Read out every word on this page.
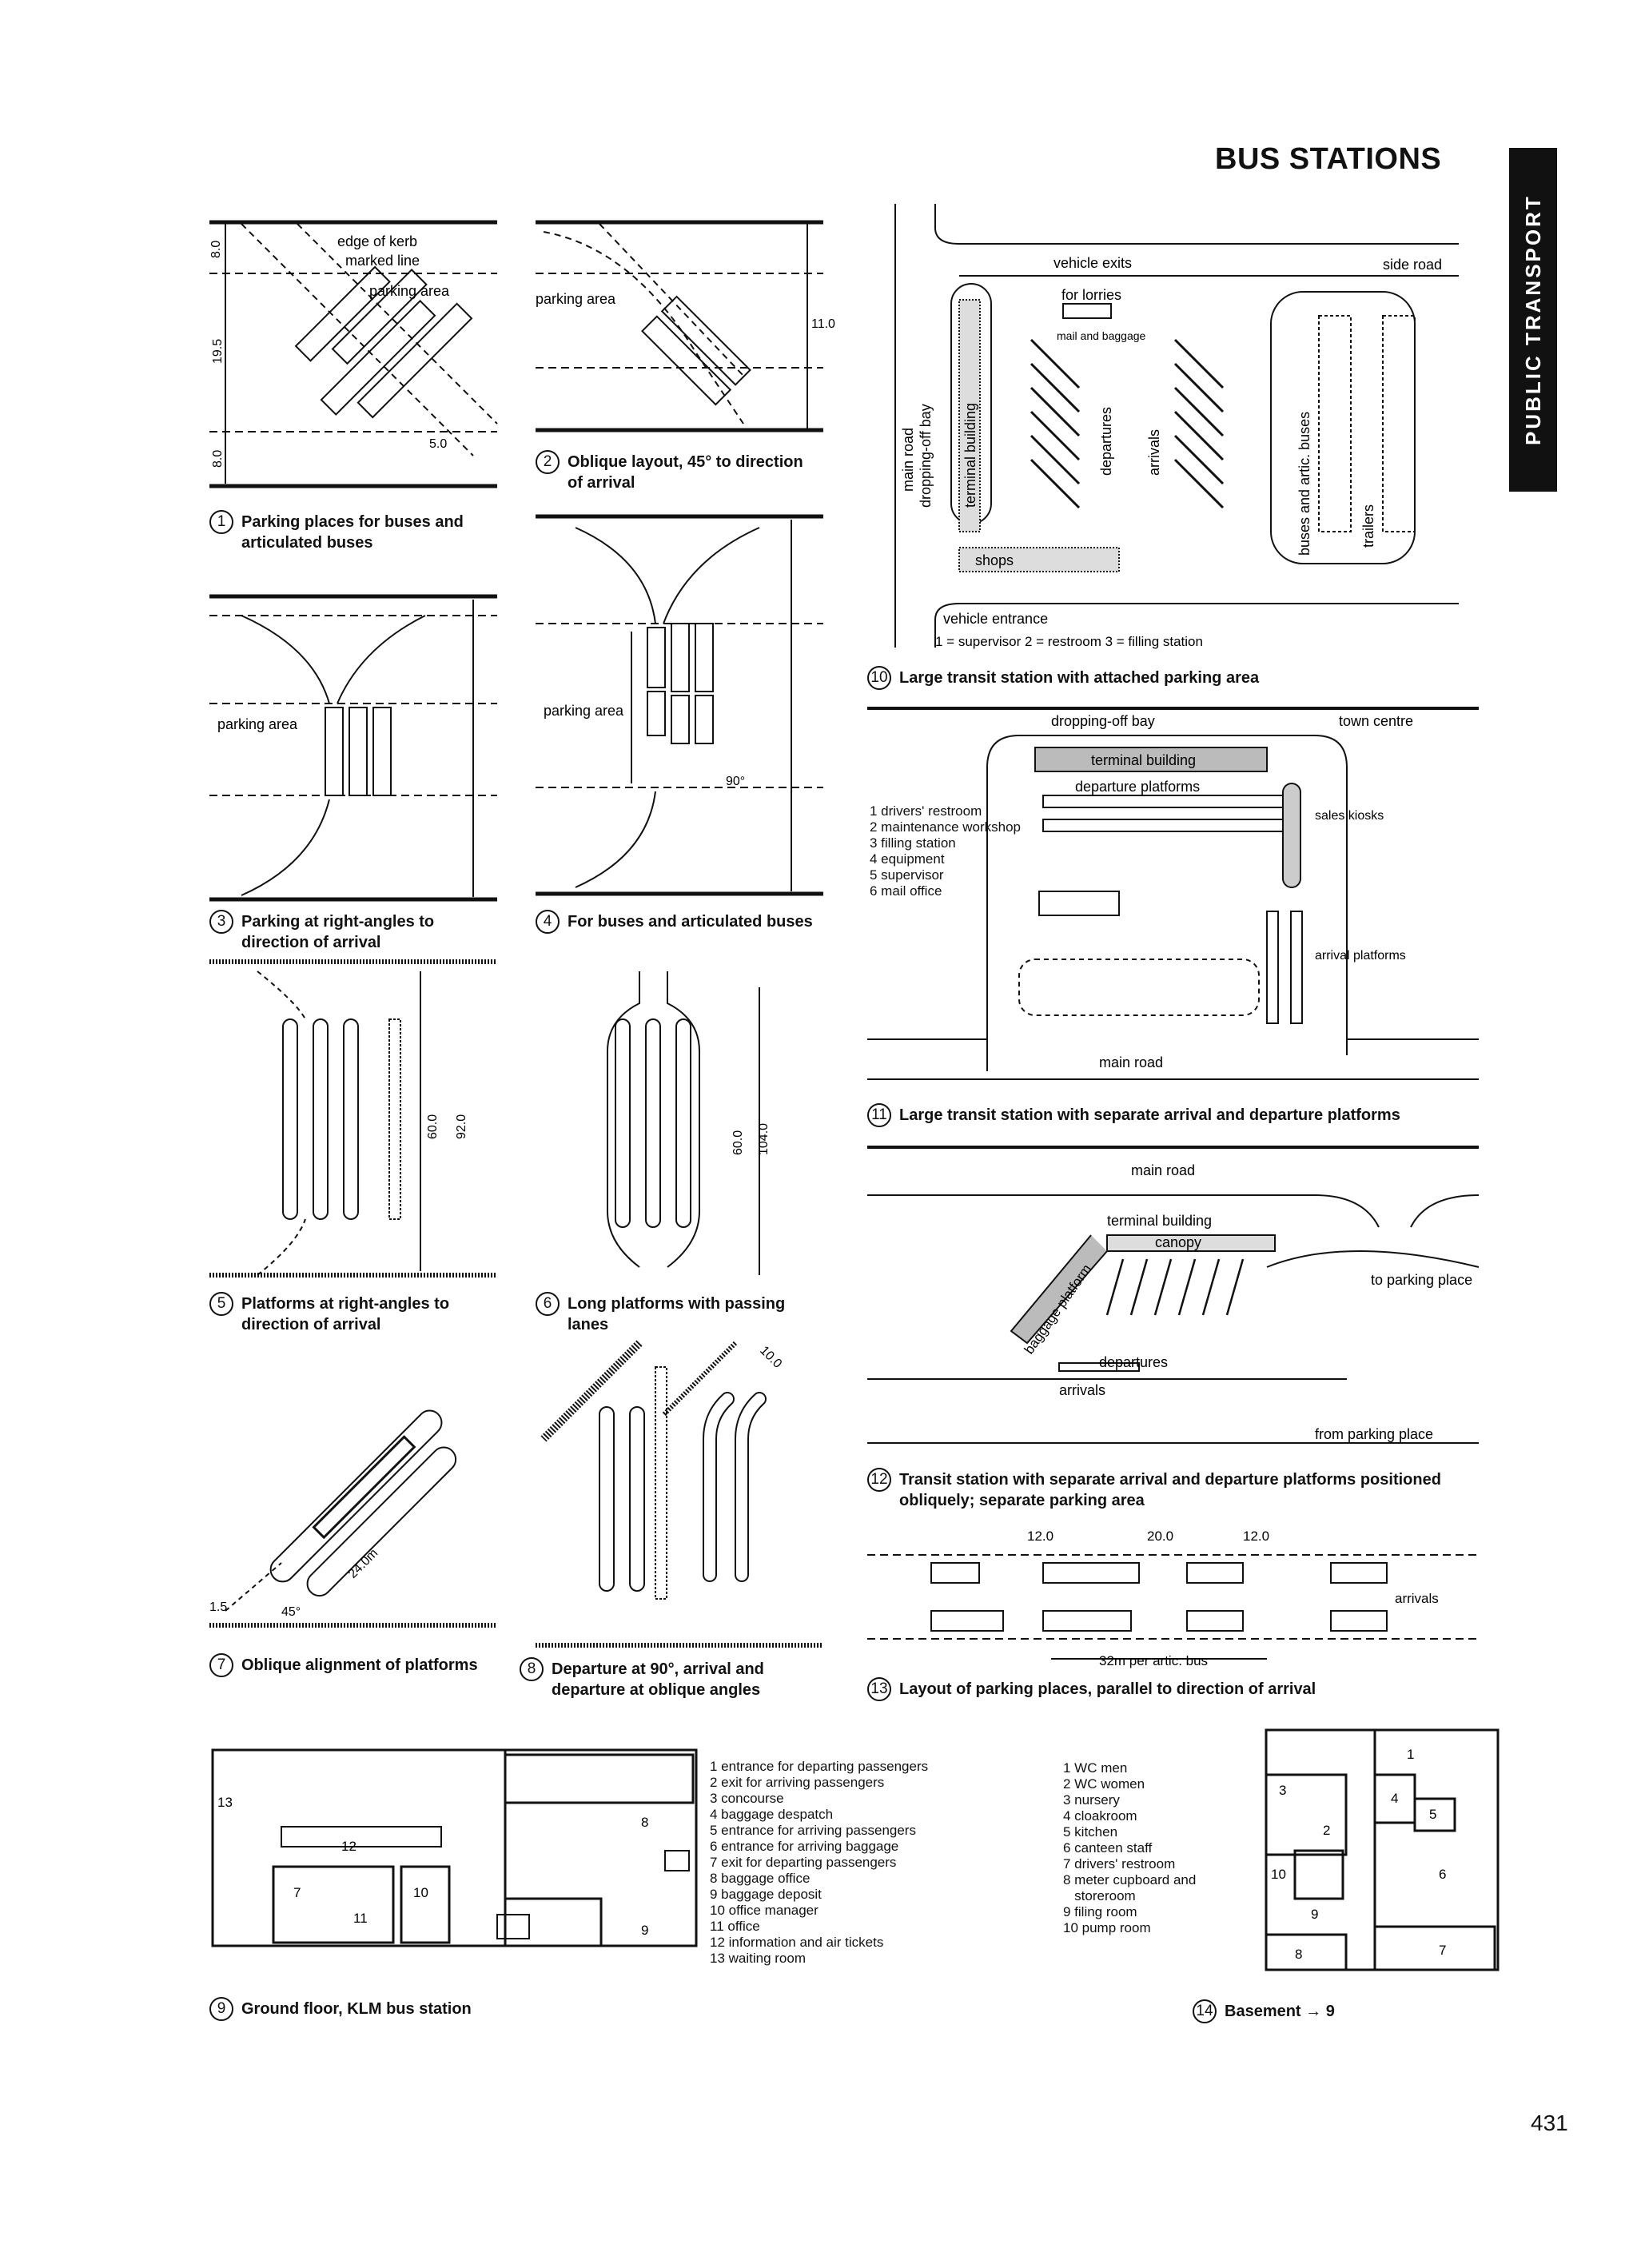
BUS STATIONS
PUBLIC TRANSPORT
edge of kerb
marked line
parking area
8.0
19.5
8.0
5.0
1 Parking places for buses and articulated buses
parking area
11.0
2 Oblique layout, 45° to direction of arrival
parking area
3 Parking at right-angles to direction of arrival
parking area
90°
4 For buses and articulated buses
60.0 92.0
5 Platforms at right-angles to direction of arrival
60.0 104.0
6 Long platforms with passing lanes
24.0m
1.5	45°
7 Oblique alignment of platforms
10.0
8 Departure at 90°, arrival and departure at oblique angles
vehicle exits
for lorries
mail and baggage
side road
main road dropping-off bay terminal building	departures arrivals	buses and artic. buses	trailers
shops
vehicle entrance
1 = supervisor 2 = restroom 3 = filling station
10 Large transit station with attached parking area
1 drivers' restroom
2 maintenance workshop
3 filling station
4 equipment
5 supervisor
6 mail office
dropping-off bay	town centre
terminal building
departure platforms
sales kiosks
arrival platforms
main road
11 Large transit station with separate arrival and departure platforms
main road
terminal building
canopy
to parking place
baggage platform
departures
arrivals
from parking place
12 Transit station with separate arrival and departure platforms positioned obliquely; separate parking area
12.0	20.0	12.0
arrivals
32m per artic. bus
13 Layout of parking places, parallel to direction of arrival
12
13
7	10
11
9
8
1 entrance for departing passengers
2 exit for arriving passengers
3 concourse
4 baggage despatch
5 entrance for arriving passengers
6 entrance for arriving baggage
7 exit for departing passengers
8 baggage office
9 baggage deposit
10 office manager
11 office
12 information and air tickets
13 waiting room
9 Ground floor, KLM bus station
1 WC men
2 WC women
3 nursery
4 cloakroom
5 kitchen
6 canteen staff
7 drivers' restroom
8 meter cupboard and
storeroom
9 filing room
10 pump room
1
3
2
4
5
10	6
9
8	7
14 Basement → 9
431
